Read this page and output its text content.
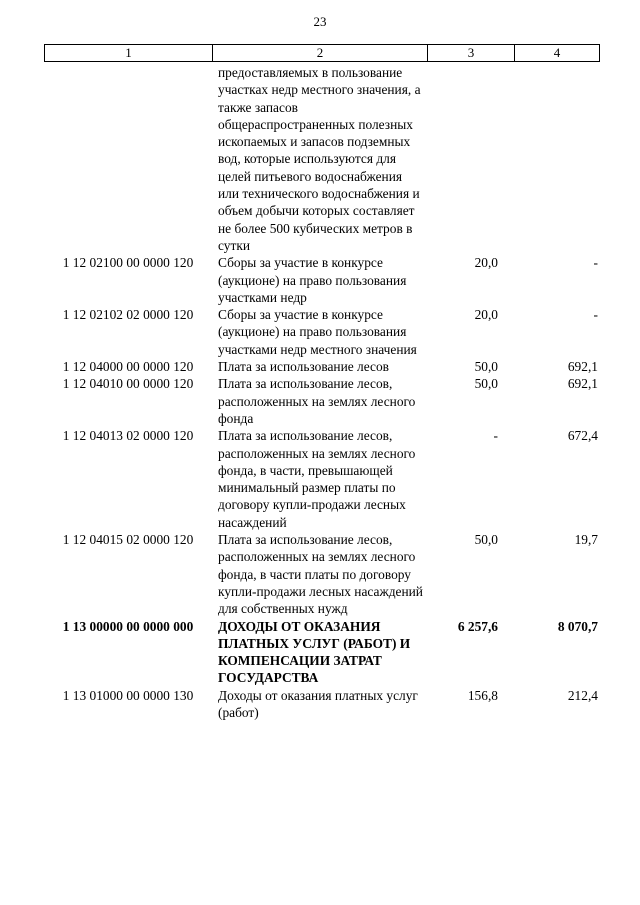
23
1	2	3	4
	предоставляемых в пользование участках недр местного значения, а также запасов общераспространенных полезных ископаемых и запасов подземных вод, которые используются для целей питьевого водоснабжения или технического водоснабжения и объем добычи которых составляет не более 500 кубических метров в сутки		
1 12 02100 00 0000 120	Сборы за участие в конкурсе (аукционе) на право пользования участками недр	20,0	-
1 12 02102 02 0000 120	Сборы за участие в конкурсе (аукционе) на право пользования участками недр местного значения	20,0	-
1 12 04000 00 0000 120	Плата за использование лесов	50,0	692,1
1 12 04010 00 0000 120	Плата за использование лесов, расположенных на землях лесного фонда	50,0	692,1
1 12 04013 02 0000 120	Плата за использование лесов, расположенных на землях лесного фонда, в части, превышающей минимальный размер платы по договору купли-продажи лесных насаждений	-	672,4
1 12 04015 02 0000 120	Плата за использование лесов, расположенных на землях лесного фонда, в части платы по договору купли-продажи лесных насаждений для собственных нужд	50,0	19,7
1 13 00000 00 0000 000	ДОХОДЫ ОТ ОКАЗАНИЯ ПЛАТНЫХ УСЛУГ (РАБОТ) И КОМПЕНСАЦИИ ЗАТРАТ ГОСУДАРСТВА	6 257,6	8 070,7
1 13 01000 00 0000 130	Доходы от оказания платных услуг (работ)	156,8	212,4
